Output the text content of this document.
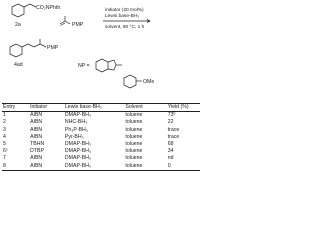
CO₂NPhth
2a	PMP
initiator (20 mol%)
Lewis base-BH₃
solvent, 80 °C, 1 h
PMP
4ad	NP =
OMe
Entry	Initiator	Lewis base-BH₃	Solvent	Yield (%)
1	AIBN	DMAP-BH₃	toluene	73ᵇ
2	AIBN	NHC-BH₃	toluene	22
3	AIBN	Ph₃P-BH₃	toluene	trace
4	AIBN	Pyr-BH₃	toluene	trace
5	TBHN	DMAP-BH₃	toluene	68
6ᶜ	DTBP	DMAP-BH₃	toluene	34
7	AIBN	DMAP-BH₃	toluene	nd
8	AIBN	DMAP-BH₃	toluene	0
